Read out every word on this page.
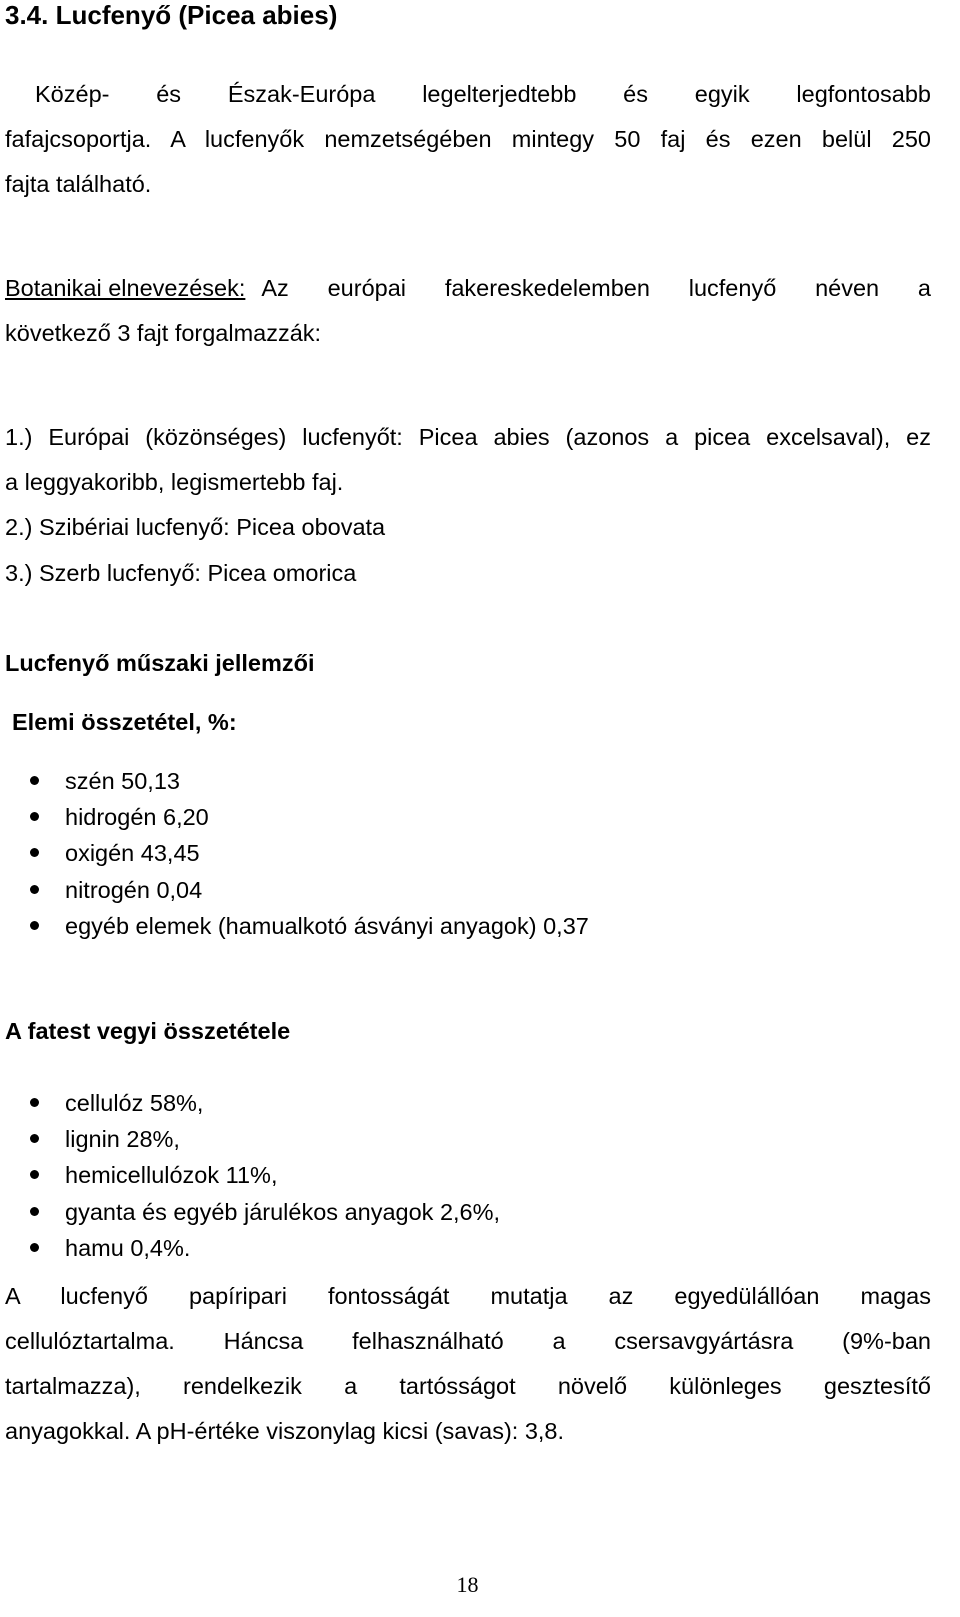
3.4. Lucfenyő (Picea abies)
Közép- és Észak-Európa legelterjedtebb és egyik legfontosabb
fafajcsoportja. A lucfenyők nemzetségében mintegy 50 faj és ezen belül 250
fajta található.
Botanikai elnevezések: Az európai fakereskedelemben lucfenyő néven a
következő 3 fajt forgalmazzák:
1.) Európai (közönséges) lucfenyőt: Picea abies (azonos a picea excelsaval), ez
a leggyakoribb, legismertebb faj.
2.) Szibériai lucfenyő: Picea obovata
3.) Szerb lucfenyő: Picea omorica
Lucfenyő műszaki jellemzői
Elemi összetétel, %:
szén 50,13
hidrogén 6,20
oxigén 43,45
nitrogén 0,04
egyéb elemek (hamualkotó ásványi anyagok) 0,37
A fatest vegyi összetétele
cellulóz 58%,
lignin 28%,
hemicellulózok 11%,
gyanta és egyéb járulékos anyagok 2,6%,
hamu 0,4%.
A lucfenyő papíripari fontosságát mutatja az egyedülállóan magas
cellulóztartalma. Háncsa felhasználható a csersavgyártásra (9%-ban
tartalmazza), rendelkezik a tartósságot növelő különleges gesztesítő
anyagokkal. A pH-értéke viszonylag kicsi (savas): 3,8.
18
